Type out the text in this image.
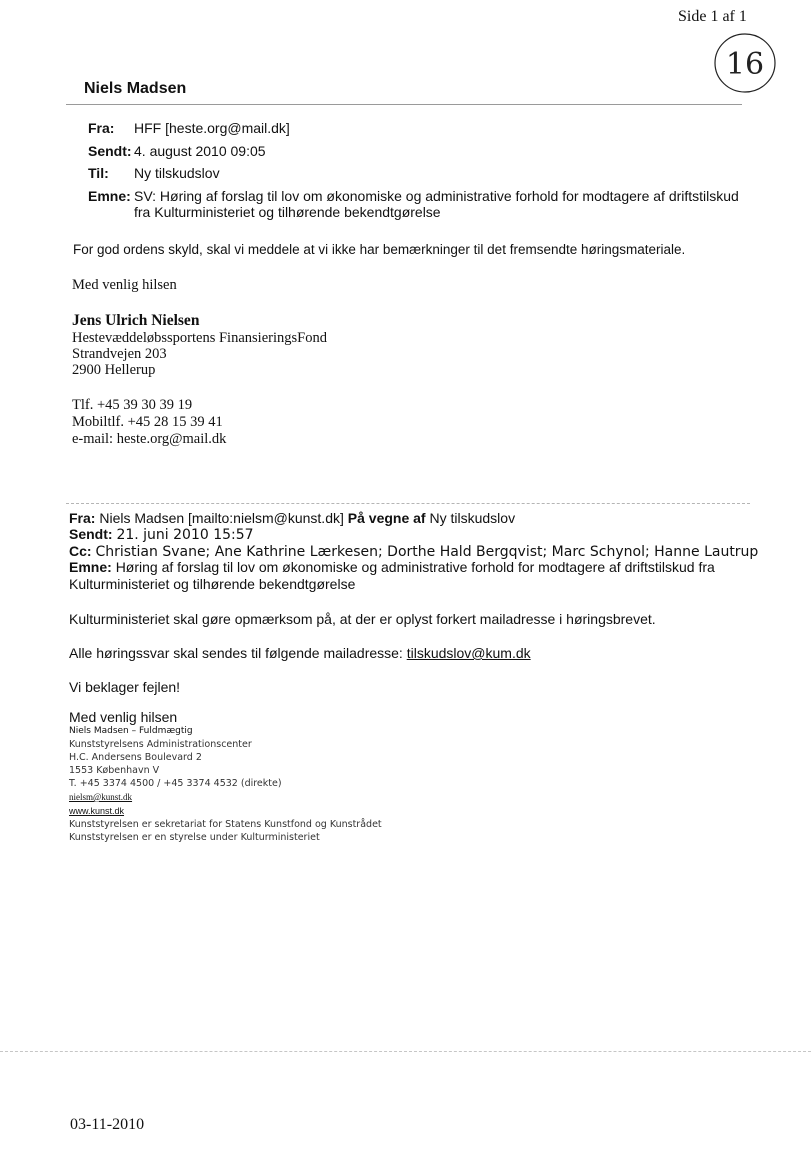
Side 1 af 1
16
Niels Madsen
Fra: HFF [heste.org@mail.dk]
Sendt: 4. august 2010 09:05
Til: Ny tilskudslov
Emne: SV: Høring af forslag til lov om økonomiske og administrative forhold for modtagere af driftstilskud
fra Kulturministeriet og tilhørende bekendtgørelse
For god ordens skyld, skal vi meddele at vi ikke har bemærkninger til det fremsendte høringsmateriale.
Med venlig hilsen
Jens Ulrich Nielsen
Hestevæddeløbssportens FinansieringsFond
Strandvejen 203
2900 Hellerup
Tlf. +45 39 30 39 19
Mobiltlf. +45 28 15 39 41
e-mail: heste.org@mail.dk
Fra: Niels Madsen [mailto:nielsm@kunst.dk] På vegne af Ny tilskudslov
Sendt: 21. juni 2010 15:57
Cc: Christian Svane; Ane Kathrine Lærkesen; Dorthe Hald Bergqvist; Marc Schynol; Hanne Lautrup
Emne: Høring af forslag til lov om økonomiske og administrative forhold for modtagere af driftstilskud fra
Kulturministeriet og tilhørende bekendtgørelse
Kulturministeriet skal gøre opmærksom på, at der er oplyst forkert mailadresse i høringsbrevet.
Alle høringssvar skal sendes til følgende mailadresse: tilskudslov@kum.dk
Vi beklager fejlen!
Med venlig hilsen
Niels Madsen – Fuldmægtig
Kunststyrelsens Administrationscenter
H.C. Andersens Boulevard 2
1553 København V
T. +45 3374 4500 / +45 3374 4532 (direkte)
nielsm@kunst.dk
www.kunst.dk
Kunststyrelsen er sekretariat for Statens Kunstfond og Kunstrådet
Kunststyrelsen er en styrelse under Kulturministeriet
03-11-2010
